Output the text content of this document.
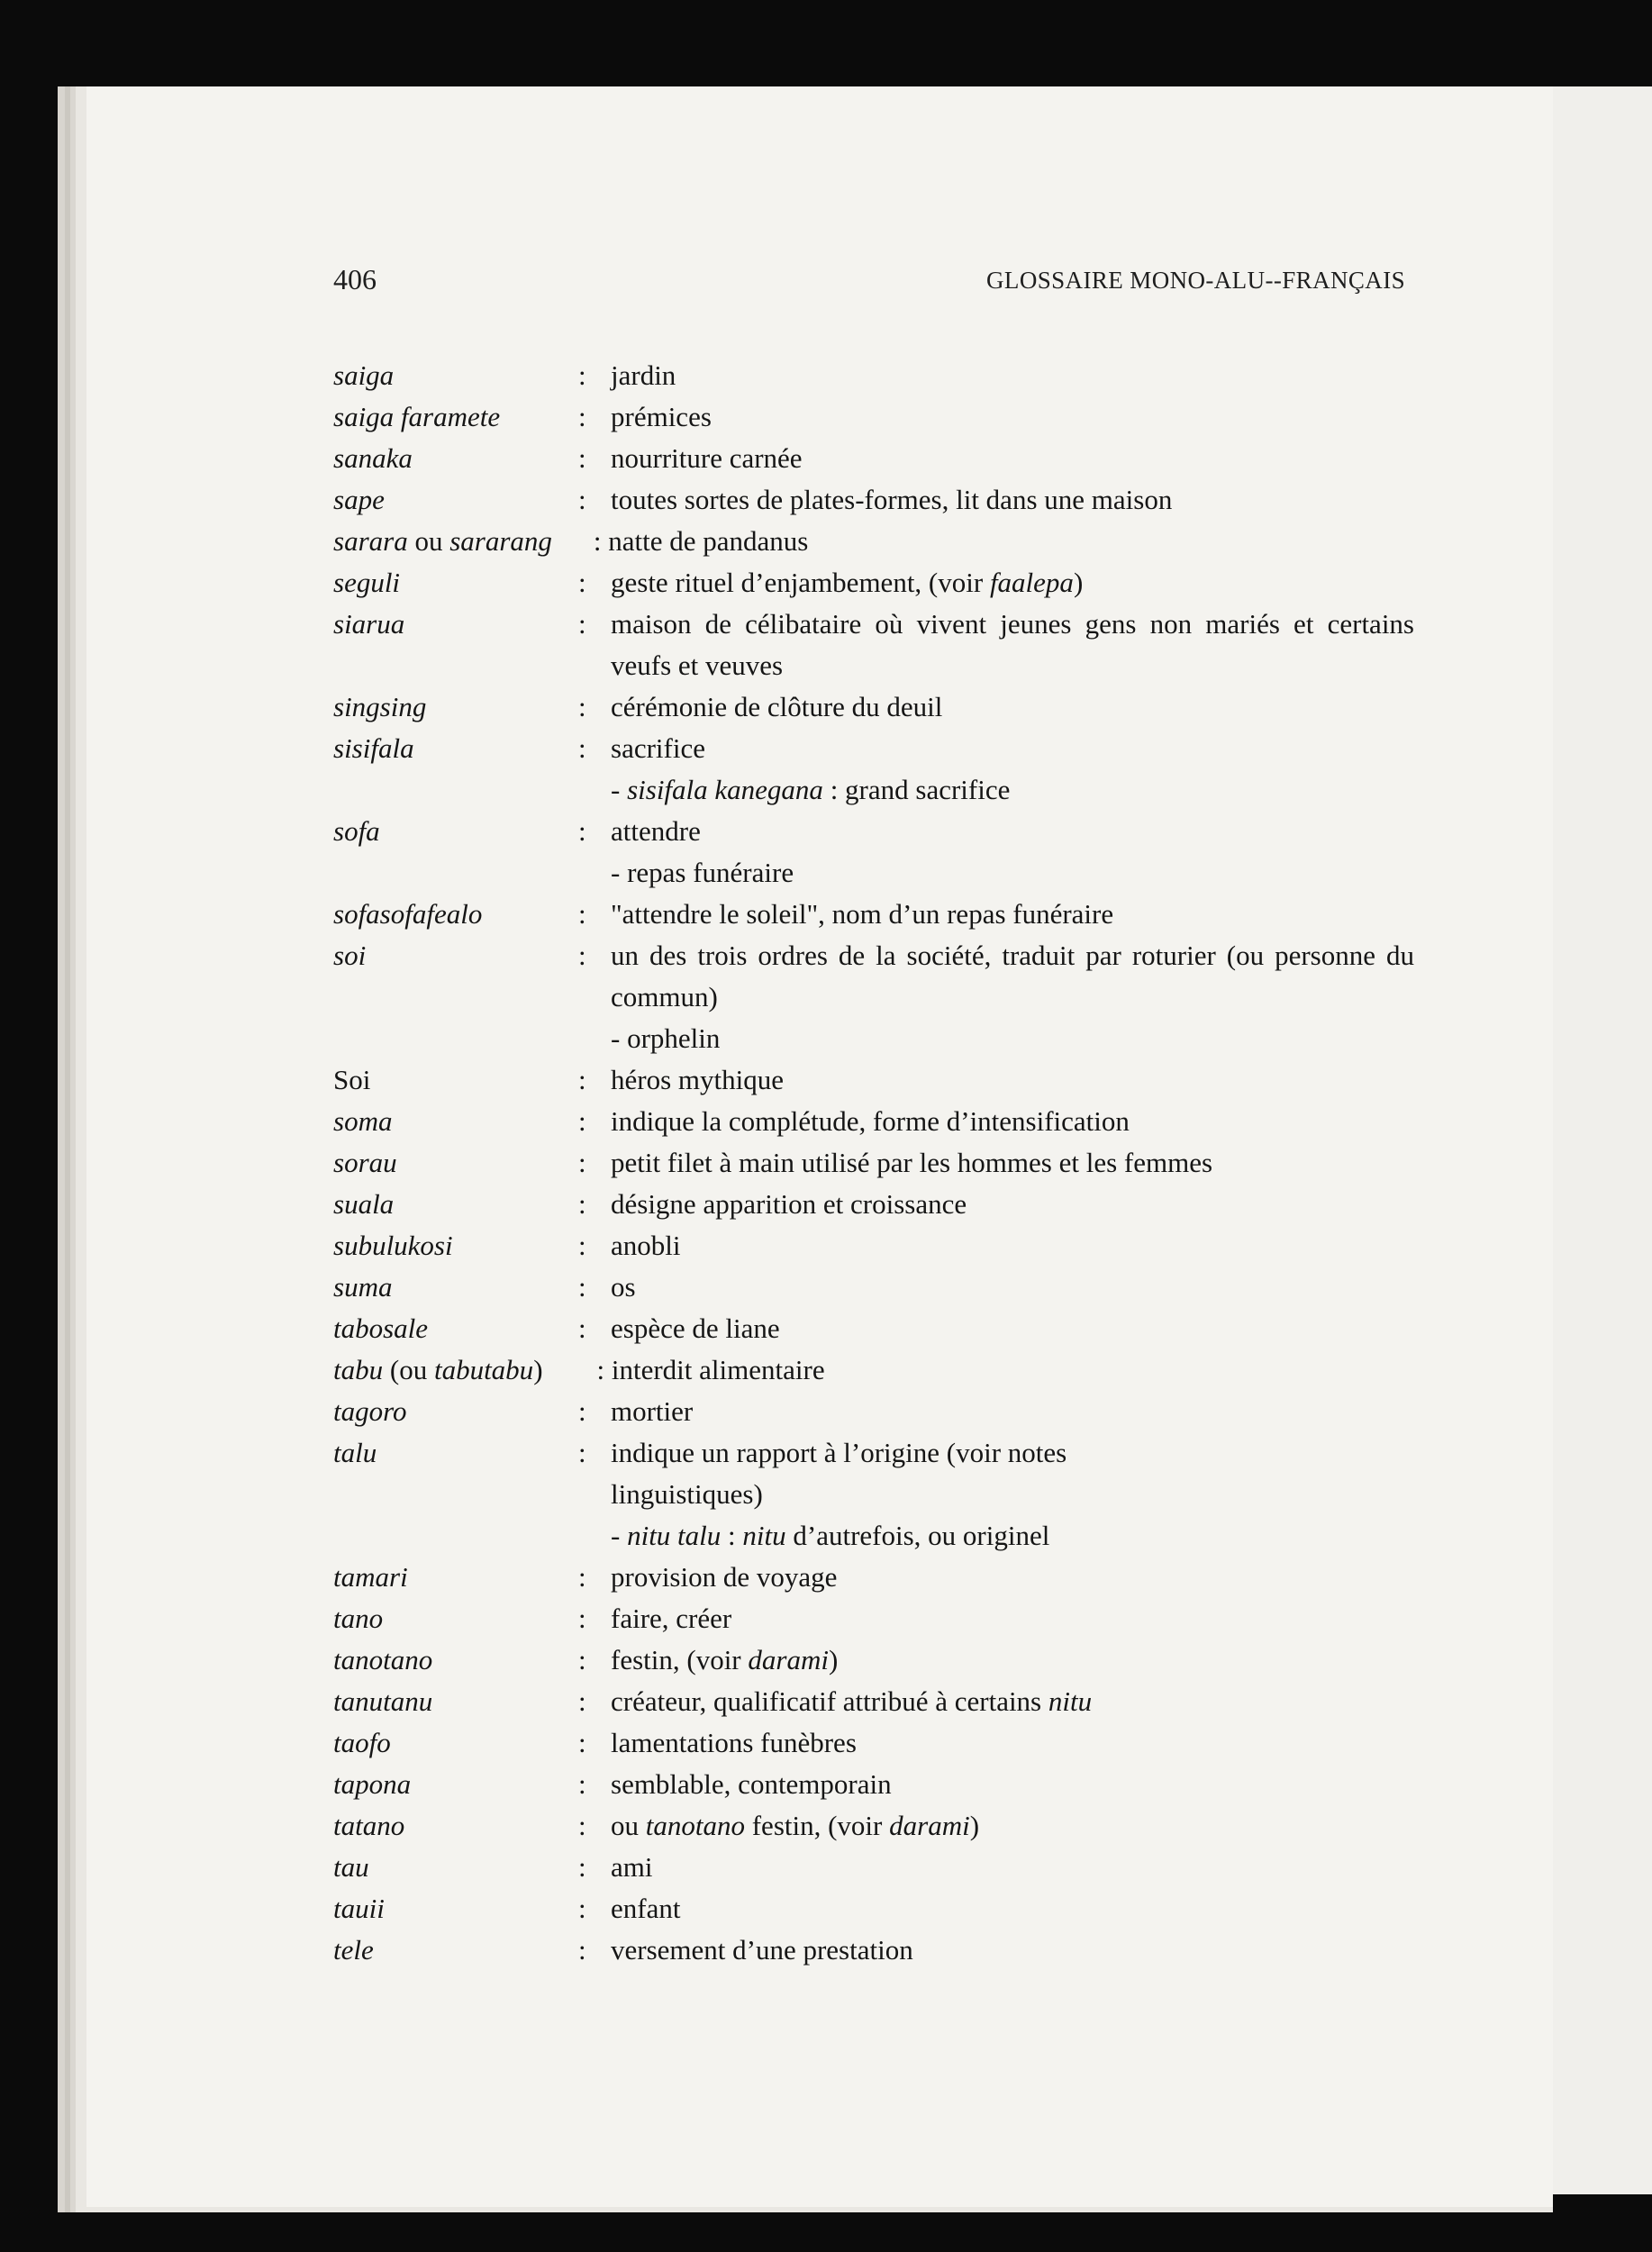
406	GLOSSAIRE MONO-ALU--FRANÇAIS
saiga	: jardin
saiga faramete	: prémices
sanaka	: nourriture carnée
sape	: toutes sortes de plates-formes, lit dans une maison
sarara ou sararang : natte de pandanus
seguli	: geste rituel d’enjambement, (voir faalepa)
siarua	: maison de célibataire où vivent jeunes gens non mariés et certains veufs et veuves
singsing	: cérémonie de clôture du deuil
sisifala	: sacrifice
- sisifala kanegana : grand sacrifice
sofa	: attendre
- repas funéraire
sofasofafealo	: "attendre le soleil", nom d’un repas funéraire
soi	: un des trois ordres de la société, traduit par roturier (ou personne du commun)
- orphelin
Soi	: héros mythique
soma	: indique la complétude, forme d’intensification
sorau	: petit filet à main utilisé par les hommes et les femmes
suala	: désigne apparition et croissance
subulukosi	: anobli
suma	: os
tabosale	: espèce de liane
tabu (ou tabutabu) : interdit alimentaire
tagoro	: mortier
talu	: indique un rapport à l’origine (voir notes linguistiques)
- nitu talu : nitu d’autrefois, ou originel
tamari	: provision de voyage
tano	: faire, créer
tanotano	: festin, (voir darami)
tanutanu	: créateur, qualificatif attribué à certains nitu
taofo	: lamentations funèbres
tapona	: semblable, contemporain
tatano	: ou tanotano festin, (voir darami)
tau	: ami
tauii	: enfant
tele	: versement d’une prestation
